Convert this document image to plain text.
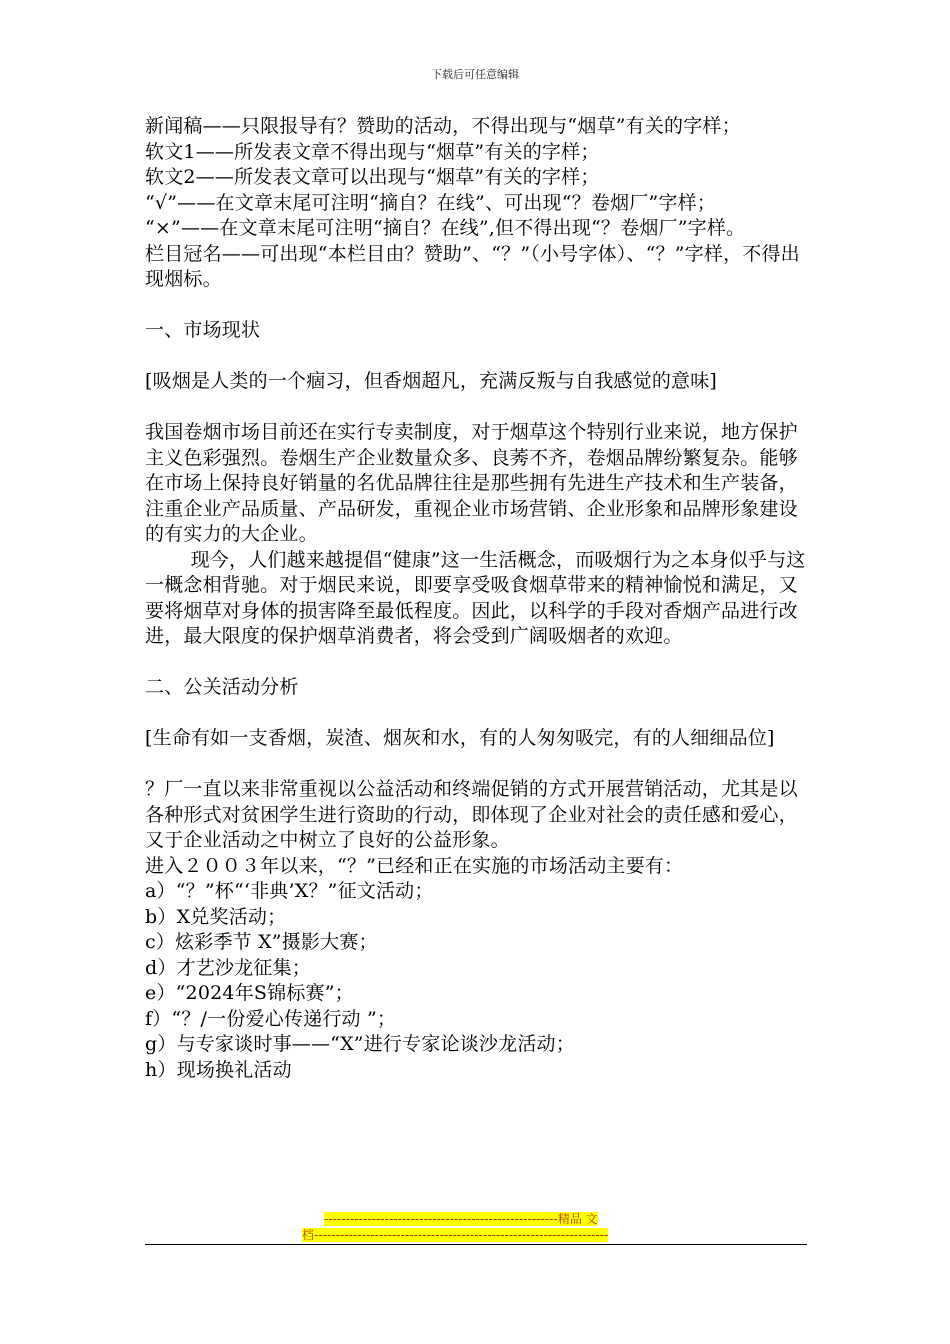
下载后可任意编辑

新闻稿——只限报导有？赞助的活动，不得出现与“烟草”有关的字样；

软文1——所发表文章不得出现与“烟草”有关的字样；

软文2——所发表文章可以出现与“烟草”有关的字样；

“√”——在文章末尾可注明“摘自？在线”、可出现“？卷烟厂”字样；

“×”——在文章末尾可注明“摘自？在线”,但不得出现“？卷烟厂”字样。

栏目冠名——可出现“本栏目由？赞助”、“？”（小号字体）、“？”字样，不得出现烟标。

一、市场现状

[吸烟是人类的一个痼习，但香烟超凡，充满反叛与自我感觉的意味]

我国卷烟市场目前还在实行专卖制度，对于烟草这个特别行业来说，地方保护主义色彩强烈。卷烟生产企业数量众多、良莠不齐，卷烟品牌纷繁复杂。能够在市场上保持良好销量的名优品牌往往是那些拥有先进生产技术和生产装备，注重企业产品质量、产品研发，重视企业市场营销、企业形象和品牌形象建设的有实力的大企业。

现今，人们越来越提倡“健康”这一生活概念，而吸烟行为之本身似乎与这一概念相背驰。对于烟民来说，即要享受吸食烟草带来的精神愉悦和满足，又要将烟草对身体的损害降至最低程度。因此，以科学的手段对香烟产品进行改进，最大限度的保护烟草消费者，将会受到广阔吸烟者的欢迎。

二、公关活动分析

[生命有如一支香烟，炭渣、烟灰和水，有的人匆匆吸完，有的人细细品位]

？厂一直以来非常重视以公益活动和终端促销的方式开展营销活动，尤其是以各种形式对贫困学生进行资助的行动，即体现了企业对社会的责任感和爱心，又于企业活动之中树立了良好的公益形象。

进入２００３年以来，“？”已经和正在实施的市场活动主要有：

a）“？”杯“‘非典’X？”征文活动；

b）X兑奖活动；

c）炫彩季节 X”摄影大赛；

d）才艺沙龙征集；

e）“2024年S锦标赛”；

f）“？/一份爱心传递行动 ”；

g）与专家谈时事——“X”进行专家论谈沙龙活动；

h）现场换礼活动

------------------------------------------------------精品 文
档--------------------------------------------------------------------
